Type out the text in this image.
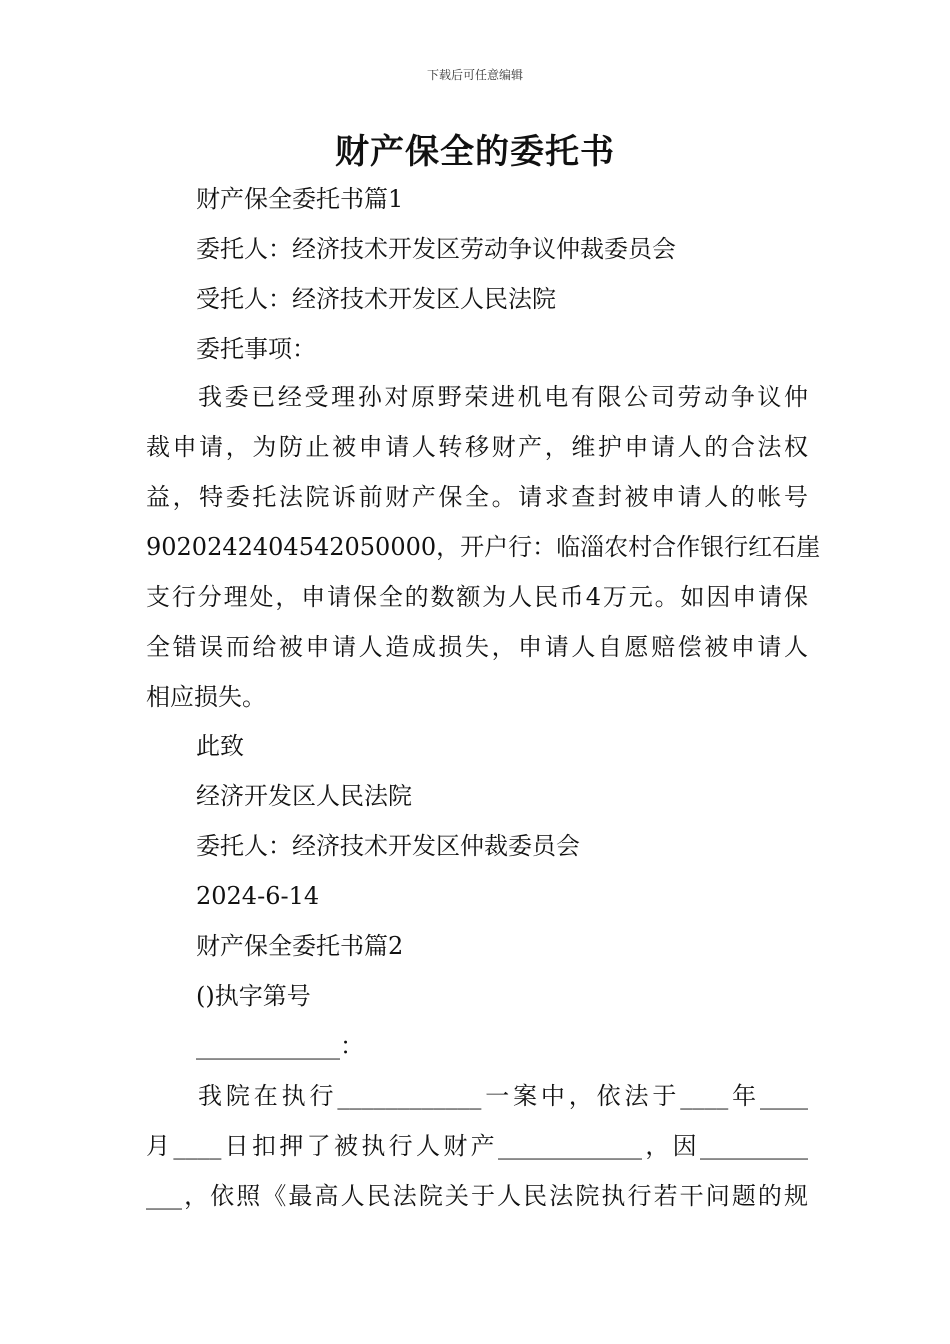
下载后可任意编辑
财产保全的委托书
财产保全委托书篇1
委托人：经济技术开发区劳动争议仲裁委员会
受托人：经济技术开发区人民法院
委托事项：

我委已经受理孙对原野荣进机电有限公司劳动争议仲

裁申请，为防止被申请人转移财产，维护申请人的合法权

益，特委托法院诉前财产保全。请求查封被申请人的帐号

9020242404542050000，开户行：临淄农村合作银行红石崖

支行分理处，申请保全的数额为人民币4万元。如因申请保

全错误而给被申请人造成损失，申请人自愿赔偿被申请人

相应损失。

此致
经济开发区人民法院
委托人：经济技术开发区仲裁委员会
2024-6-14
财产保全委托书篇2
()执字第号
____________：

我院在执行____________一案中，依法于____年____

月____日扣押了被执行人财产____________，因_________

___，依照《最高人民法院关于人民法院执行若干问题的规
